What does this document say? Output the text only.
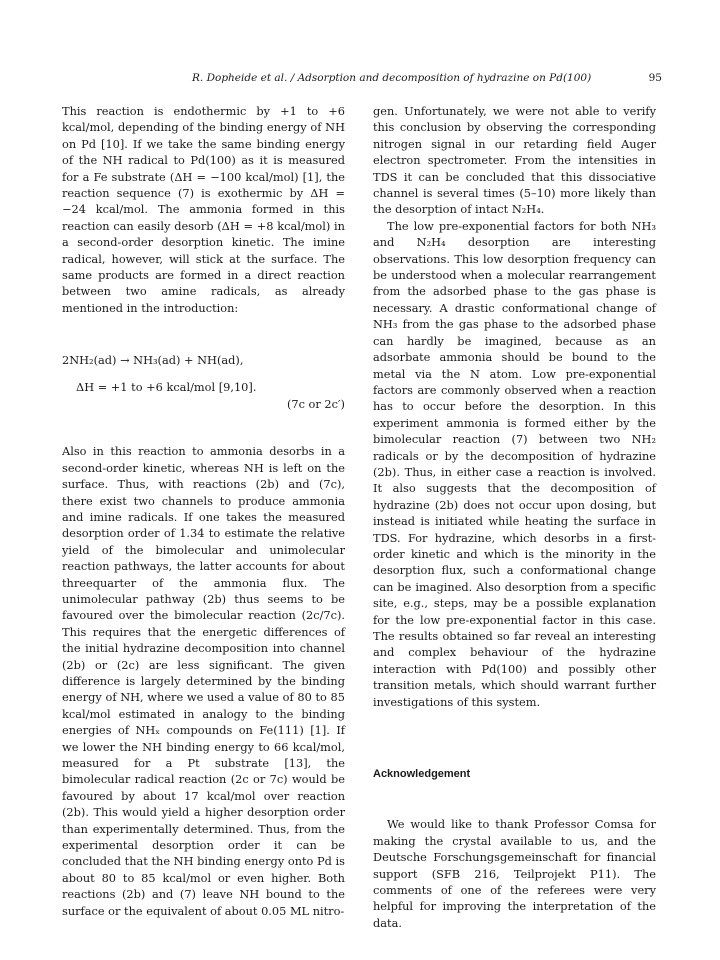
R. Dopheide et al. / Adsorption and decomposition of hydrazine on Pd(100)	95

This reaction is endothermic by +1 to +6 kcal/mol, depending of the binding energy of NH on Pd [10]. If we take the same binding energy of the NH radical to Pd(100) as it is measured for a Fe substrate (ΔH = −100 kcal/mol) [1], the reaction sequence (7) is exothermic by ΔH = −24 kcal/mol. The ammonia formed in this reaction can easily desorb (ΔH = +8 kcal/mol) in a second-order desorption kinetic. The imine radical, however, will stick at the surface. The same products are formed in a direct reaction between two amine radicals, as already mentioned in the introduction:

2NH₂(ad) → NH₃(ad) + NH(ad),
ΔH = +1 to +6 kcal/mol [9,10].
(7c or 2c′)

Also in this reaction to ammonia desorbs in a second-order kinetic, whereas NH is left on the surface. Thus, with reactions (2b) and (7c), there exist two channels to produce ammonia and imine radicals. If one takes the measured desorption order of 1.34 to estimate the relative yield of the bimolecular and unimolecular reaction pathways, the latter accounts for about threequarter of the ammonia flux. The unimolecular pathway (2b) thus seems to be favoured over the bimolecular reaction (2c/7c). This requires that the energetic differences of the initial hydrazine decomposition into channel (2b) or (2c) are less significant. The given difference is largely determined by the binding energy of NH, where we used a value of 80 to 85 kcal/mol estimated in analogy to the binding energies of NHₓ compounds on Fe(111) [1]. If we lower the NH binding energy to 66 kcal/mol, measured for a Pt substrate [13], the bimolecular radical reaction (2c or 7c) would be favoured by about 17 kcal/mol over reaction (2b). This would yield a higher desorption order than experimentally determined. Thus, from the experimental desorption order it can be concluded that the NH binding energy onto Pd is about 80 to 85 kcal/mol or even higher. Both reactions (2b) and (7) leave NH bound to the surface or the equivalent of about 0.05 ML nitro-

gen. Unfortunately, we were not able to verify this conclusion by observing the corresponding nitrogen signal in our retarding field Auger electron spectrometer. From the intensities in TDS it can be concluded that this dissociative channel is several times (5–10) more likely than the desorption of intact N₂H₄.

The low pre-exponential factors for both NH₃ and N₂H₄ desorption are interesting observations. This low desorption frequency can be understood when a molecular rearrangement from the adsorbed phase to the gas phase is necessary. A drastic conformational change of NH₃ from the gas phase to the adsorbed phase can hardly be imagined, because as an adsorbate ammonia should be bound to the metal via the N atom. Low pre-exponential factors are commonly observed when a reaction has to occur before the desorption. In this experiment ammonia is formed either by the bimolecular reaction (7) between two NH₂ radicals or by the decomposition of hydrazine (2b). Thus, in either case a reaction is involved. It also suggests that the decomposition of hydrazine (2b) does not occur upon dosing, but instead is initiated while heating the surface in TDS. For hydrazine, which desorbs in a first-order kinetic and which is the minority in the desorption flux, such a conformational change can be imagined. Also desorption from a specific site, e.g., steps, may be a possible explanation for the low pre-exponential factor in this case. The results obtained so far reveal an interesting and complex behaviour of the hydrazine interaction with Pd(100) and possibly other transition metals, which should warrant further investigations of this system.

Acknowledgement

We would like to thank Professor Comsa for making the crystal available to us, and the Deutsche Forschungsgemeinschaft for financial support (SFB 216, Teilprojekt P11). The comments of one of the referees were very helpful for improving the interpretation of the data.
